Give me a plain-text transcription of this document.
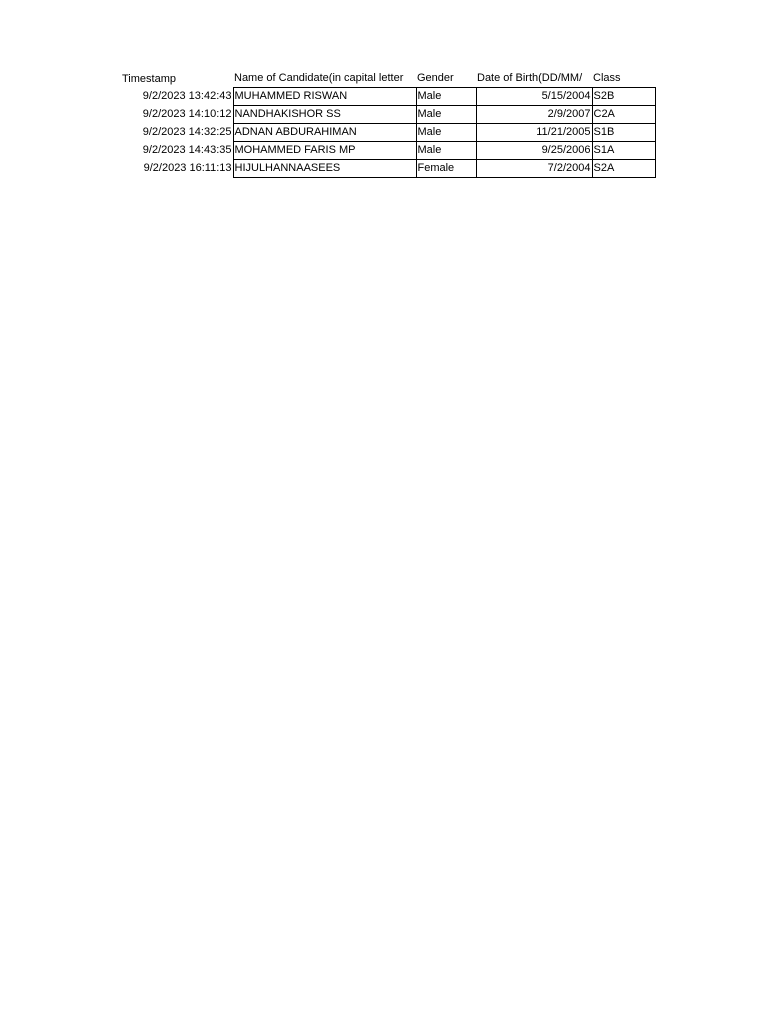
Timestamp	Name of Candidate(in capital letter	Gender	Date of Birth(DD/MM/	Class
9/2/2023 13:42:43	MUHAMMED RISWAN	Male	5/15/2004	S2B
9/2/2023 14:10:12	NANDHAKISHOR SS	Male	2/9/2007	C2A
9/2/2023 14:32:25	ADNAN ABDURAHIMAN	Male	11/21/2005	S1B
9/2/2023 14:43:35	MOHAMMED FARIS MP	Male	9/25/2006	S1A
9/2/2023 16:11:13	HIJULHANNAASEES	Female	7/2/2004	S2A
